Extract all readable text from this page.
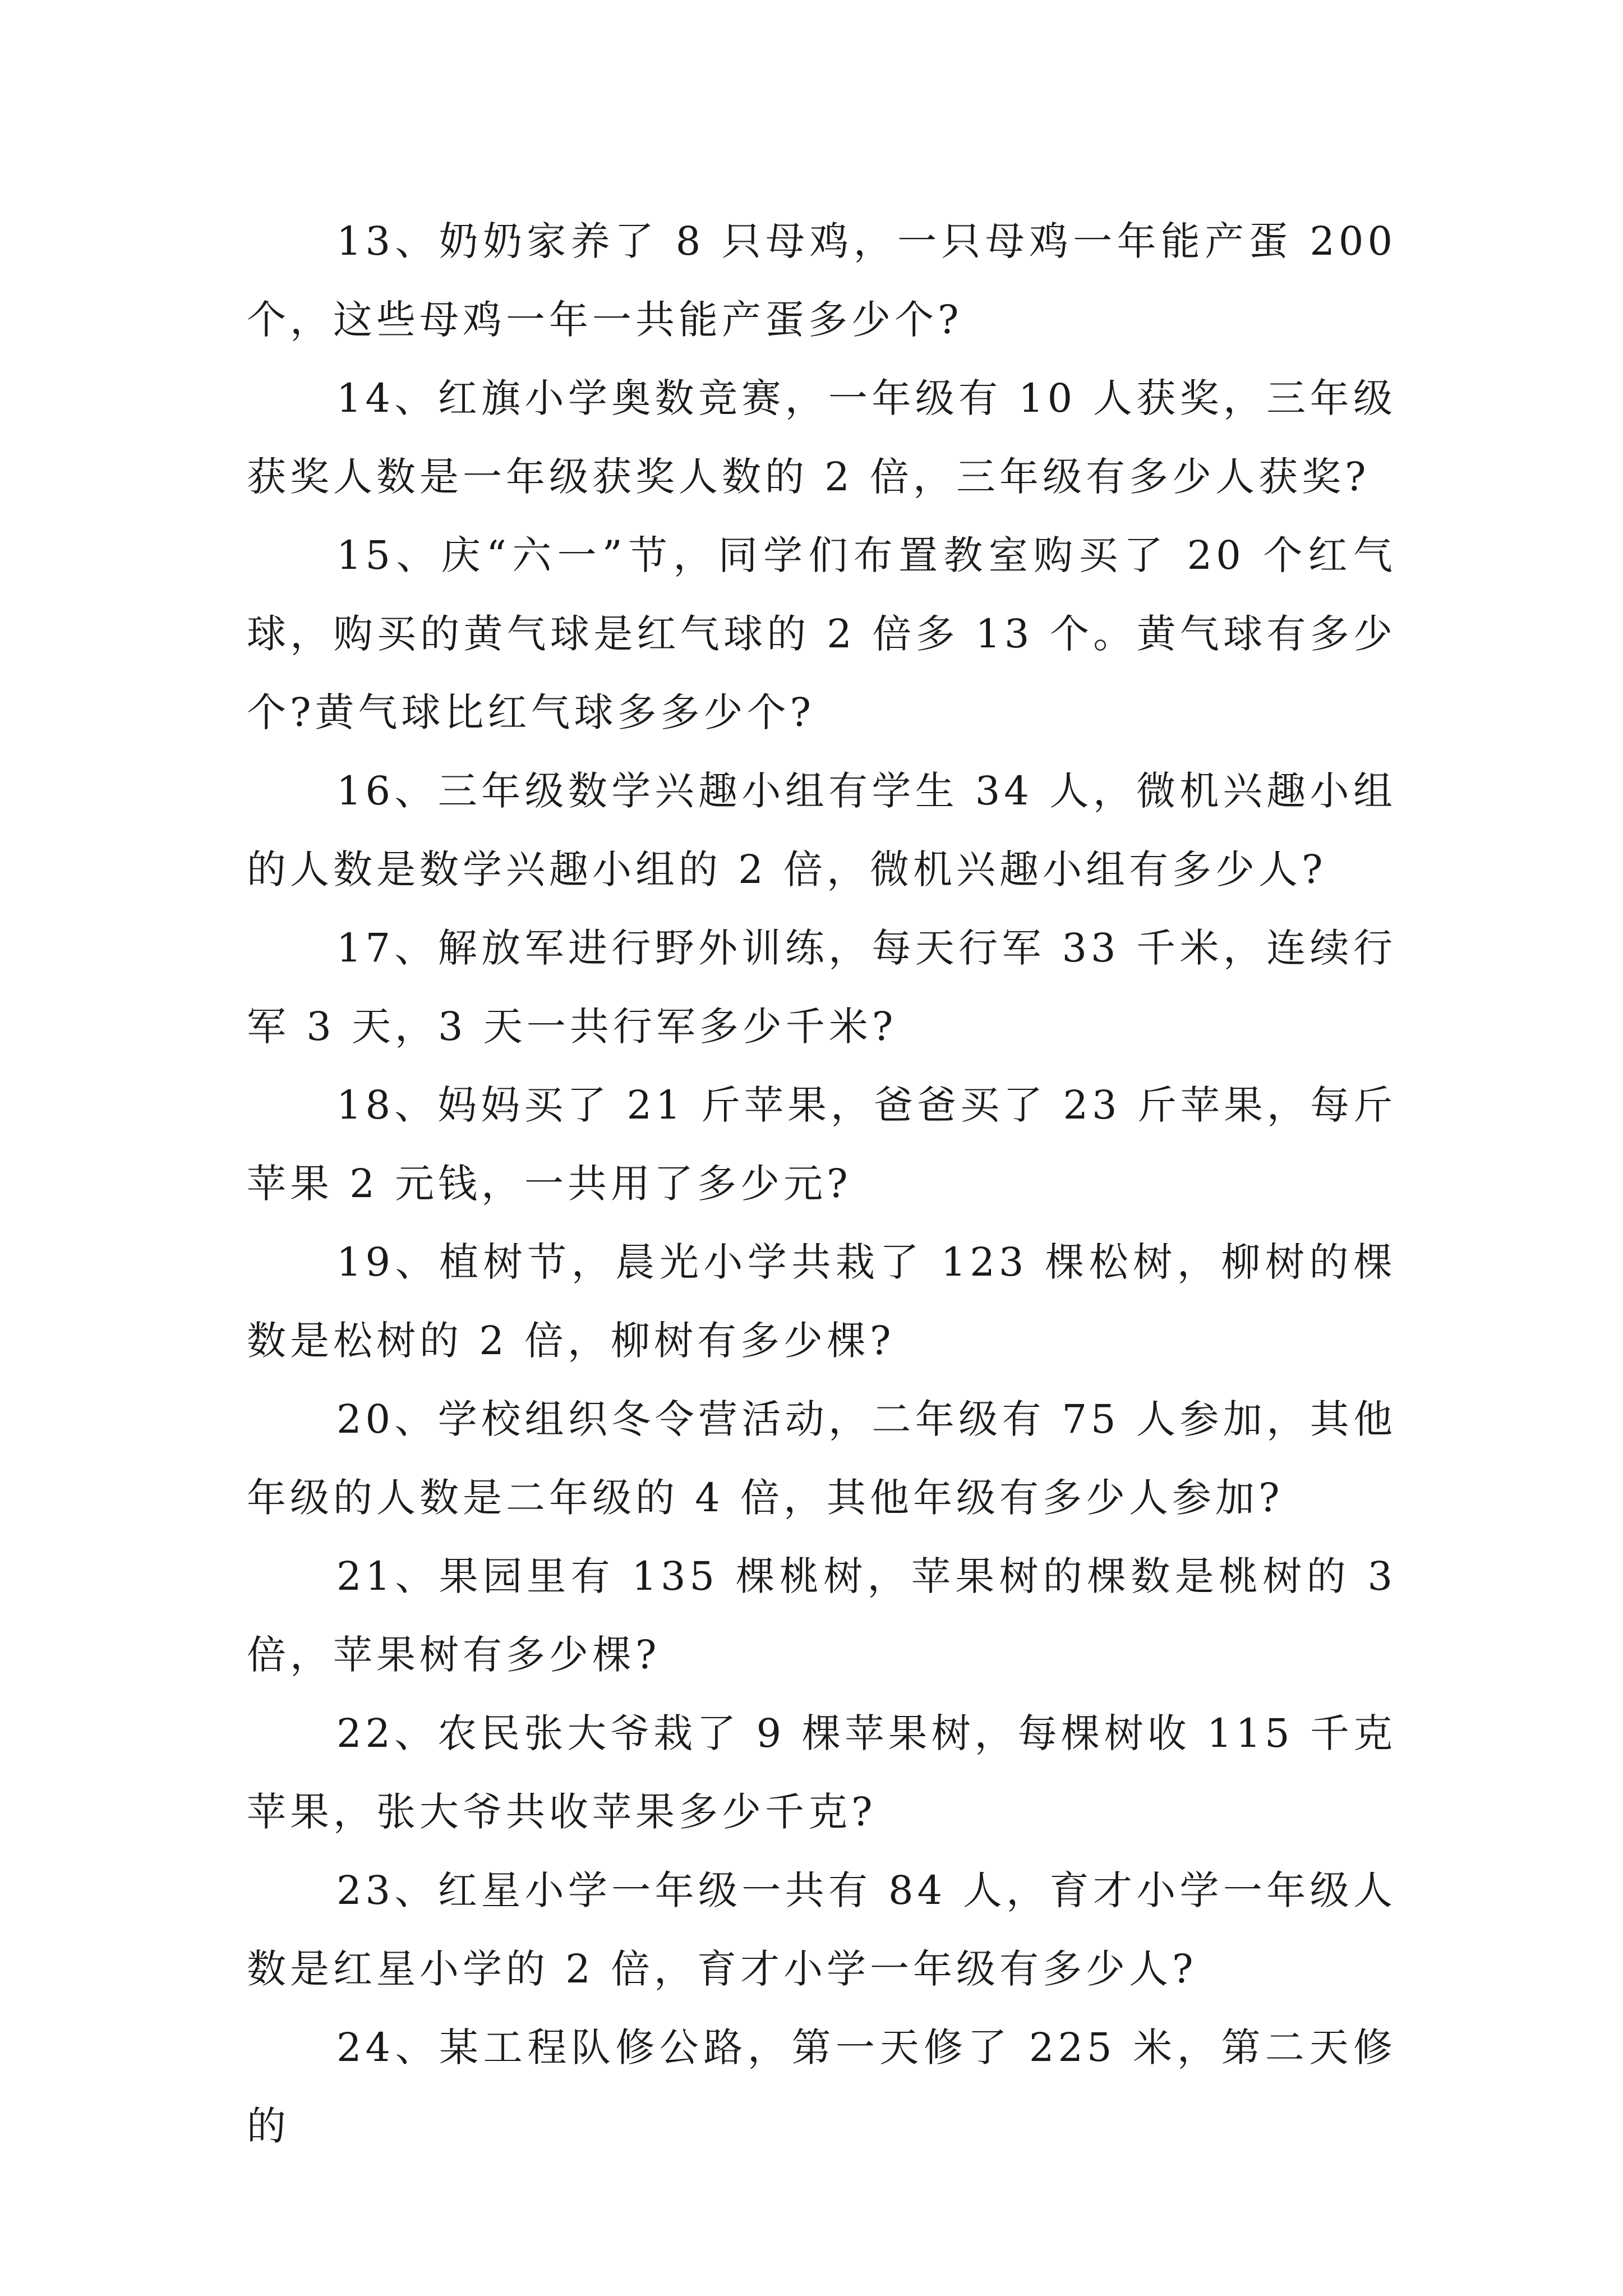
13、奶奶家养了 8 只母鸡，一只母鸡一年能产蛋 200 个，这些母鸡一年一共能产蛋多少个?

14、红旗小学奥数竞赛，一年级有 10 人获奖，三年级获奖人数是一年级获奖人数的 2 倍，三年级有多少人获奖?

15、庆“六一”节，同学们布置教室购买了 20 个红气球，购买的黄气球是红气球的 2 倍多 13 个。黄气球有多少个?黄气球比红气球多多少个?

16、三年级数学兴趣小组有学生 34 人，微机兴趣小组的人数是数学兴趣小组的 2 倍，微机兴趣小组有多少人?

17、解放军进行野外训练，每天行军 33 千米，连续行军 3 天，3 天一共行军多少千米?

18、妈妈买了 21 斤苹果，爸爸买了 23 斤苹果，每斤苹果 2 元钱，一共用了多少元?

19、植树节，晨光小学共栽了 123 棵松树，柳树的棵数是松树的 2 倍，柳树有多少棵?

20、学校组织冬令营活动，二年级有 75 人参加，其他年级的人数是二年级的 4 倍，其他年级有多少人参加?

21、果园里有 135 棵桃树，苹果树的棵数是桃树的 3 倍，苹果树有多少棵?

22、农民张大爷栽了 9 棵苹果树，每棵树收 115 千克苹果，张大爷共收苹果多少千克?

23、红星小学一年级一共有 84 人，育才小学一年级人数是红星小学的 2 倍，育才小学一年级有多少人?

24、某工程队修公路，第一天修了 225 米，第二天修的
